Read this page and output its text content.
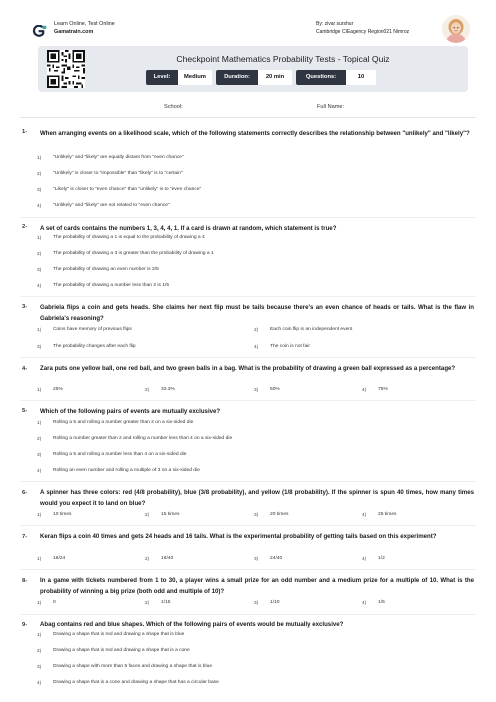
Learn Online, Test Online
Gamatrain.com
By: zivar surshur
Cambridge CIEagency Region021 Nimroz
Checkpoint Mathematics Probability Tests - Topical Quiz
Level:	Medium	Duration:	20 min	Questions:	10
School:	Full Name:
1- When arranging events on a likelihood scale, which of the following statements correctly describes the relationship between "unlikely" and "likely"?
1) "Unlikely" and "likely" are equally distant from "even chance"
2) "Unlikely" is closer to "impossible" than "likely" is to "certain"
3) "Likely" is closer to "even chance" than "unlikely" is to "even chance"
4) "Unlikely" and "likely" are not related to "even chance"
2- A set of cards contains the numbers 1, 3, 4, 4, 1. If a card is drawn at random, which statement is true?
1) The probability of drawing a 1 is equal to the probability of drawing a 4
2) The probability of drawing a 3 is greater than the probability of drawing a 1
3) The probability of drawing an even number is 2/5
4) The probability of drawing a number less than 2 is 1/5
3- Gabriela flips a coin and gets heads. She claims her next flip must be tails because there's an even chance of heads or tails. What is the flaw in Gabriela's reasoning?
1) Coins have memory of previous flips	2) Each coin flip is an independent event
3) The probability changes after each flip	4) The coin is not fair
4- Zara puts one yellow ball, one red ball, and two green balls in a bag. What is the probability of drawing a green ball expressed as a percentage?
1) 25%	2) 33.3%	3) 50%	4) 75%
5- Which of the following pairs of events are mutually exclusive?
1) Rolling a 5 and rolling a number greater than 2 on a six-sided die
2) Rolling a number greater than 2 and rolling a number less than 4 on a six-sided die
3) Rolling a 5 and rolling a number less than 4 on a six-sided die
4) Rolling an even number and rolling a multiple of 3 on a six-sided die
6- A spinner has three colors: red (4/8 probability), blue (3/8 probability), and yellow (1/8 probability). If the spinner is spun 40 times, how many times would you expect it to land on blue?
1) 10 times	2) 15 times	3) 20 times	4) 25 times
7- Keran flips a coin 40 times and gets 24 heads and 16 tails. What is the experimental probability of getting tails based on this experiment?
1) 16/24	2) 16/40	3) 24/40	4) 1/2
8- In a game with tickets numbered from 1 to 30, a player wins a small prize for an odd number and a medium prize for a multiple of 10. What is the probability of winning a big prize (both odd and multiple of 10)?
1) 0	2) 1/15	3) 1/10	4) 1/5
9- Abag contains red and blue shapes. Which of the following pairs of events would be mutually exclusive?
1) Drawing a shape that is red and drawing a shape that is blue
2) Drawing a shape that is red and drawing a shape that is a cone
3) Drawing a shape with more than 5 faces and drawing a shape that is blue
4) Drawing a shape that is a cone and drawing a shape that has a circular base
